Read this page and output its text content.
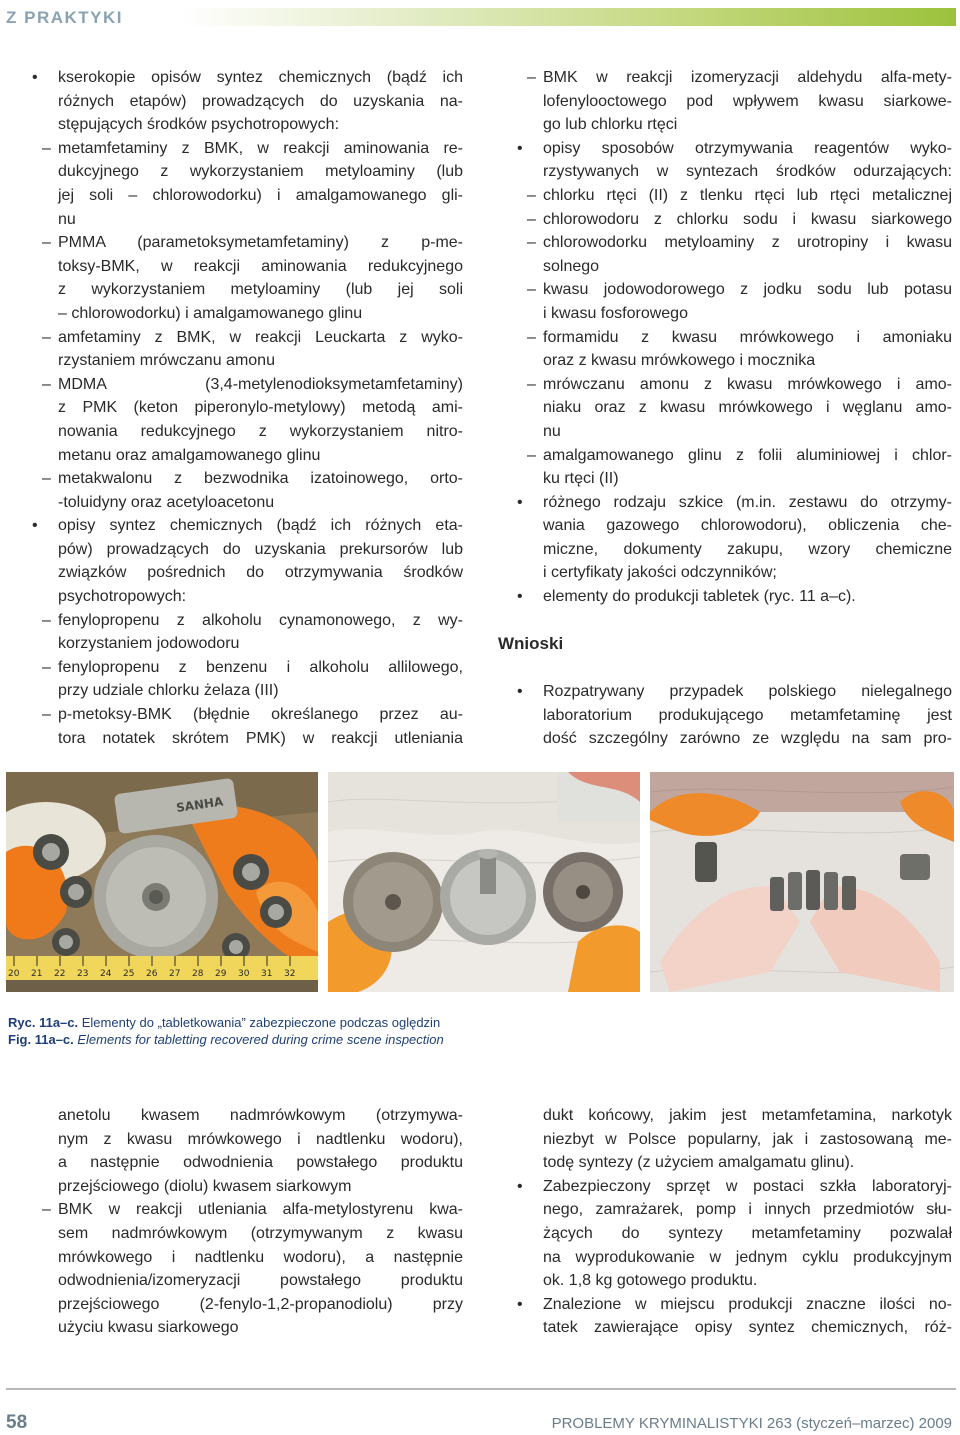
Z PRAKTYKI
• kserokopie opisów syntez chemicznych (bądź ich
różnych etapów) prowadzących do uzyskania na-
stępujących środków psychotropowych:
– metamfetaminy z BMK, w reakcji aminowania re-
dukcyjnego z wykorzystaniem metyloaminy (lub
jej soli – chlorowodorku) i amalgamowanego gli-
nu
– PMMA (parametoksymetamfetaminy) z p-me-
toksy-BMK, w reakcji aminowania redukcyjnego
z wykorzystaniem metyloaminy (lub jej soli
– chlorowodorku) i amalgamowanego glinu
– amfetaminy z BMK, w reakcji Leuckarta z wyko-
rzystaniem mrówczanu amonu
– MDMA (3,4-metylenodioksymetamfetaminy)
z PMK (keton piperonylo-metylowy) metodą ami-
nowania redukcyjnego z wykorzystaniem nitro-
metanu oraz amalgamowanego glinu
– metakwalonu z bezwodnika izatoinowego, orto-
-toluidyny oraz acetyloacetonu
• opisy syntez chemicznych (bądź ich różnych eta-
pów) prowadzących do uzyskania prekursorów lub
związków pośrednich do otrzymywania środków
psychotropowych:
– fenylopropenu z alkoholu cynamonowego, z wy-
korzystaniem jodowodoru
– fenylopropenu z benzenu i alkoholu allilowego,
przy udziale chlorku żelaza (III)
– p-metoksy-BMK (błędnie określanego przez au-
tora notatek skrótem PMK) w reakcji utleniania
– BMK w reakcji izomeryzacji aldehydu alfa-mety-
lofenylooctowego pod wpływem kwasu siarkowe-
go lub chlorku rtęci
• opisy sposobów otrzymywania reagentów wyko-
rzystywanych w syntezach środków odurzających:
– chlorku rtęci (II) z tlenku rtęci lub rtęci metalicznej
– chlorowodoru z chlorku sodu i kwasu siarkowego
– chlorowodorku metyloaminy z urotropiny i kwasu
solnego
– kwasu jodowodorowego z jodku sodu lub potasu
i kwasu fosforowego
– formamidu z kwasu mrówkowego i amoniaku
oraz z kwasu mrówkowego i mocznika
– mrówczanu amonu z kwasu mrówkowego i amo-
niaku oraz z kwasu mrówkowego i węglanu amo-
nu
– amalgamowanego glinu z folii aluminiowej i chlor-
ku rtęci (II)
• różnego rodzaju szkice (m.in. zestawu do otrzymy-
wania gazowego chlorowodoru), obliczenia che-
miczne, dokumenty zakupu, wzory chemiczne
i certyfikaty jakości odczynników;
• elementy do produkcji tabletek (ryc. 11 a–c).
Wnioski
• Rozpatrywany przypadek polskiego nielegalnego
laboratorium produkującego metamfetaminę jest
dość szczególny zarówno ze względu na sam pro-
SANHA
20 21 22 23 24 25 26 27 28 29 30 31 32
Ryc. 11a–c. Elementy do „tabletkowania” zabezpieczone podczas oględzin
Fig. 11a–c. Elements for tabletting recovered during crime scene inspection
anetolu kwasem nadmrówkowym (otrzymywa-
nym z kwasu mrówkowego i nadtlenku wodoru),
a następnie odwodnienia powstałego produktu
przejściowego (diolu) kwasem siarkowym
– BMK w reakcji utleniania alfa-metylostyrenu kwa-
sem nadmrówkowym (otrzymywanym z kwasu
mrówkowego i nadtlenku wodoru), a następnie
odwodnienia/izomeryzacji powstałego produktu
przejściowego (2-fenylo-1,2-propanodiolu) przy
użyciu kwasu siarkowego
dukt końcowy, jakim jest metamfetamina, narkotyk
niezbyt w Polsce popularny, jak i zastosowaną me-
todę syntezy (z użyciem amalgamatu glinu).
• Zabezpieczony sprzęt w postaci szkła laboratoryj-
nego, zamrażarek, pomp i innych przedmiotów słu-
żących do syntezy metamfetaminy pozwalał
na wyprodukowanie w jednym cyklu produkcyjnym
ok. 1,8 kg gotowego produktu.
• Znalezione w miejscu produkcji znaczne ilości no-
tatek zawierające opisy syntez chemicznych, róż-
58	PROBLEMY KRYMINALISTYKI 263 (styczeń–marzec) 2009
